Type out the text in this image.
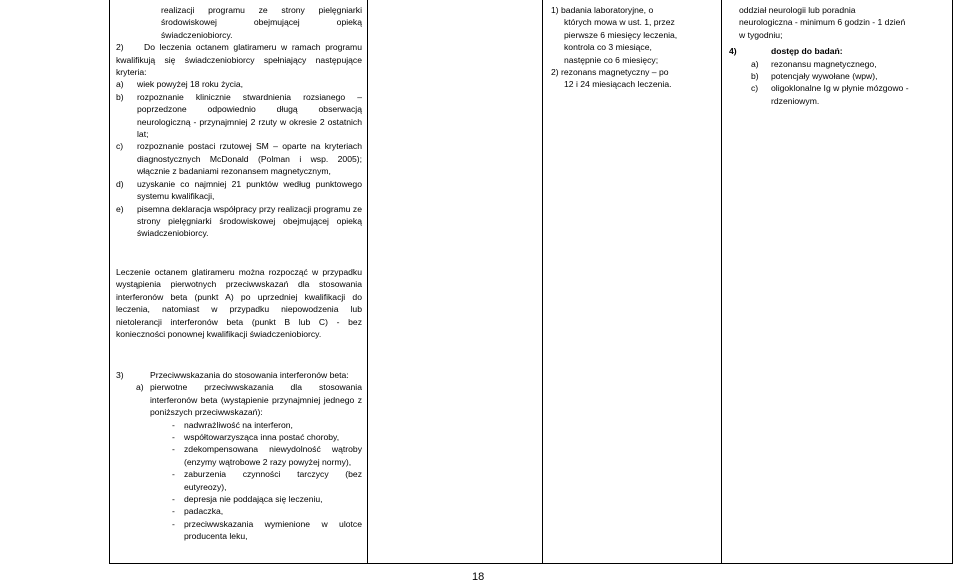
realizacji programu ze strony pielęgniarki środowiskowej obejmującej opieką świadczeniobiorcy.
2)	Do leczenia octanem glatirameru w ramach programu kwalifikują się świadczeniobiorcy spełniający następujące kryteria:
a)	wiek powyżej 18 roku życia,
b)	rozpoznanie klinicznie stwardnienia rozsianego – poprzedzone odpowiednio długą obserwacją neurologiczną - przynajmniej 2 rzuty w okresie 2 ostatnich lat;
c)	rozpoznanie postaci rzutowej SM – oparte na kryteriach diagnostycznych McDonald (Polman i wsp. 2005); włącznie z badaniami rezonansem magnetycznym,
d)	uzyskanie co najmniej 21 punktów według punktowego systemu kwalifikacji,
e)	pisemna deklaracja współpracy przy realizacji programu ze strony pielęgniarki środowiskowej obejmującej opieką świadczeniobiorcy.
Leczenie octanem glatirameru można rozpocząć w przypadku wystąpienia pierwotnych przeciwwskazań dla stosowania interferonów beta (punkt A) po uprzedniej kwalifikacji do leczenia, natomiast w przypadku niepowodzenia lub nietolerancji interferonów beta (punkt B lub C) - bez konieczności ponownej kwalifikacji świadczeniobiorcy.
3)	Przeciwwskazania do stosowania interferonów beta:
a) pierwotne przeciwwskazania dla stosowania interferonów beta (wystąpienie przynajmniej jednego z poniższych przeciwwskazań):
-	nadwrażliwość na interferon,
-	współtowarzysząca inna postać choroby,
-	zdekompensowana niewydolność wątroby (enzymy wątrobowe 2 razy powyżej normy),
-	zaburzenia czynności tarczycy (bez eutyreozy),
-	depresja nie poddająca się leczeniu,
-	padaczka,
-	przeciwwskazania wymienione w ulotce producenta leku,
1) badania laboratoryjne, o
których mowa w ust. 1, przez
pierwsze 6 miesięcy leczenia,
kontrola co 3 miesiące,
następnie co 6 miesięcy;
2) rezonans magnetyczny – po
12 i 24 miesiącach leczenia.
oddział neurologii lub poradnia
neurologiczna - minimum 6 godzin - 1 dzień
w tygodniu;
4)	dostęp do badań:
a)	rezonansu magnetycznego,
b)	potencjały wywołane (wpw),
c)	oligoklonalne Ig w płynie mózgowo - rdzeniowym.
18
